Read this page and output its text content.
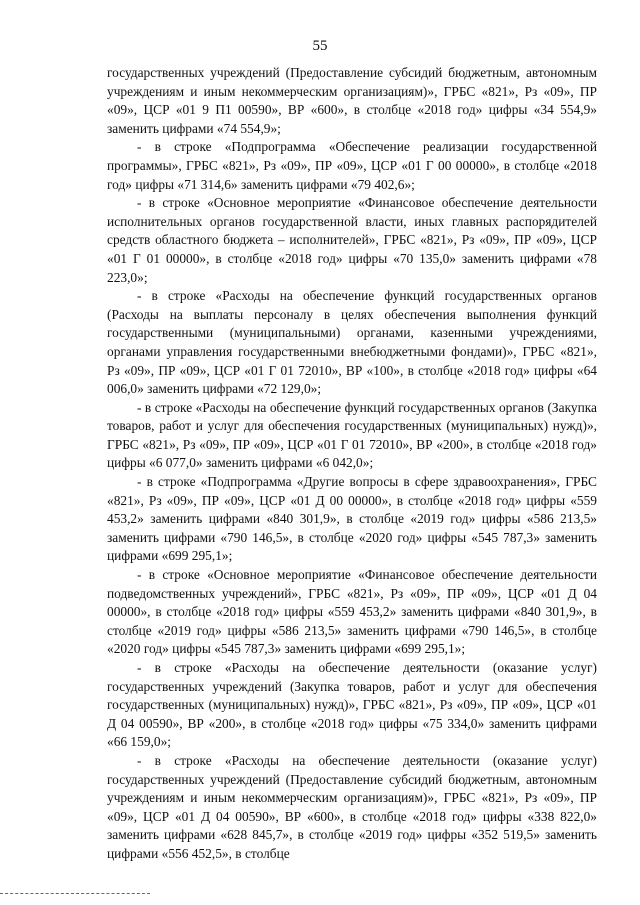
55

государственных учреждений (Предоставление субсидий бюджетным, автономным учреждениям и иным некоммерческим организациям)», ГРБС «821», Рз «09», ПР «09», ЦСР «01 9 П1 00590», ВР «600», в столбце «2018 год» цифры «34 554,9» заменить цифрами «74 554,9»;

- в строке «Подпрограмма «Обеспечение реализации государственной программы», ГРБС «821», Рз «09», ПР «09», ЦСР «01 Г 00 00000», в столбце «2018 год» цифры «71 314,6» заменить цифрами «79 402,6»;

- в строке «Основное мероприятие «Финансовое обеспечение деятельности исполнительных органов государственной власти, иных главных распорядителей средств областного бюджета – исполнителей», ГРБС «821», Рз «09», ПР «09», ЦСР «01 Г 01 00000», в столбце «2018 год» цифры «70 135,0» заменить цифрами «78 223,0»;

- в строке «Расходы на обеспечение функций государственных органов (Расходы на выплаты персоналу в целях обеспечения выполнения функций государственными (муниципальными) органами, казенными учреждениями, органами управления государственными внебюджетными фондами)», ГРБС «821», Рз «09», ПР «09», ЦСР «01 Г 01 72010», ВР «100», в столбце «2018 год» цифры «64 006,0» заменить цифрами «72 129,0»;

- в строке «Расходы на обеспечение функций государственных органов (Закупка товаров, работ и услуг для обеспечения государственных (муниципальных) нужд)», ГРБС «821», Рз «09», ПР «09», ЦСР «01 Г 01 72010», ВР «200», в столбце «2018 год» цифры «6 077,0» заменить цифрами «6 042,0»;

- в строке «Подпрограмма «Другие вопросы в сфере здравоохранения», ГРБС «821», Рз «09», ПР «09», ЦСР «01 Д 00 00000», в столбце «2018 год» цифры «559 453,2» заменить цифрами «840 301,9», в столбце «2019 год» цифры «586 213,5» заменить цифрами «790 146,5», в столбце «2020 год» цифры «545 787,3» заменить цифрами «699 295,1»;

- в строке «Основное мероприятие «Финансовое обеспечение деятельности подведомственных учреждений», ГРБС «821», Рз «09», ПР «09», ЦСР «01 Д 04 00000», в столбце «2018 год» цифры «559 453,2» заменить цифрами «840 301,9», в столбце «2019 год» цифры «586 213,5» заменить цифрами «790 146,5», в столбце «2020 год» цифры «545 787,3» заменить цифрами «699 295,1»;

- в строке «Расходы на обеспечение деятельности (оказание услуг) государственных учреждений (Закупка товаров, работ и услуг для обеспечения государственных (муниципальных) нужд)», ГРБС «821», Рз «09», ПР «09», ЦСР «01 Д 04 00590», ВР «200», в столбце «2018 год» цифры «75 334,0» заменить цифрами «66 159,0»;

- в строке «Расходы на обеспечение деятельности (оказание услуг) государственных учреждений (Предоставление субсидий бюджетным, автономным учреждениям и иным некоммерческим организациям)», ГРБС «821», Рз «09», ПР «09», ЦСР «01 Д 04 00590», ВР «600», в столбце «2018 год» цифры «338 822,0» заменить цифрами «628 845,7», в столбце «2019 год» цифры «352 519,5» заменить цифрами «556 452,5», в столбце
